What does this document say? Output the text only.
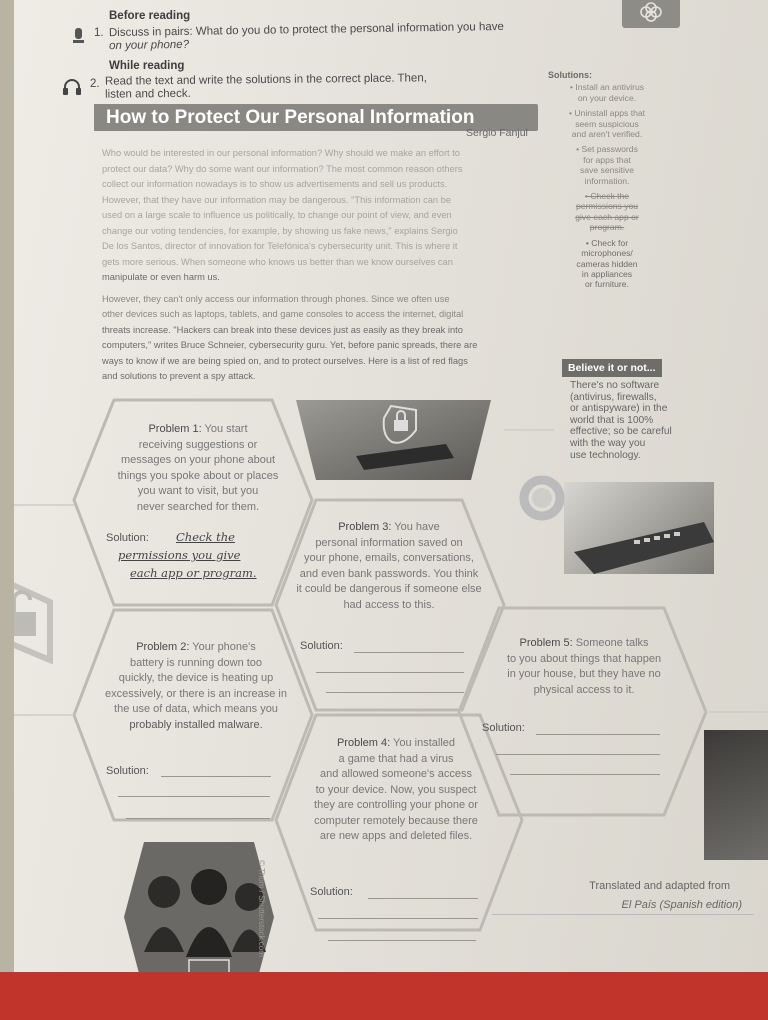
Before reading
1. Discuss in pairs: What do you do to protect the personal information you have
on your phone?
While reading
2. Read the text and write the solutions in the correct place. Then,
listen and check.
How to Protect Our Personal Information
Sergio Fanjul

Who would be interested in our personal information? Why should we make an effort to

protect our data? Why do some want our information? The most common reason others

collect our information nowadays is to show us advertisements and sell us products.

However, that they have our information may be dangerous. "This information can be

used on a large scale to influence us politically, to change our point of view, and even

change our voting tendencies, for example, by showing us fake news," explains Sergio

De los Santos, director of innovation for Telefónica's cybersecurity unit. This is where it

gets more serious. When someone who knows us better than we know ourselves can

manipulate or even harm us.

However, they can't only access our information through phones. Since we often use

other devices such as laptops, tablets, and game consoles to access the internet, digital

threats increase. "Hackers can break into these devices just as easily as they break into

computers," writes Bruce Schneier, cybersecurity guru. Yet, before panic spreads, there are

ways to know if we are being spied on, and to protect ourselves. Here is a list of red flags

and solutions to prevent a spy attack.

Solutions:
• Install an antivirus
on your device.
• Uninstall apps that
seem suspicious
and aren't verified.
• Set passwords
for apps that
save sensitive
information.
• Check the
permissions you
give each app or
program.
• Check for
microphones/
cameras hidden
in appliances
or furniture.
Believe it or not...
There's no software
(antivirus, firewalls,
or antispyware) in the
world that is 100%
effective; so be careful
with the way you
use technology.
© Thom / Shutterstock.com
Problem 1: You start
receiving suggestions or
messages on your phone about
things you spoke about or places
you want to visit, but you
never searched for them.
Solution: Check the
permissions you give
each app or program.
Problem 3: You have
personal information saved on
your phone, emails, conversations,
and even bank passwords. You think
it could be dangerous if someone else
had access to this.
Solution:
Problem 2: Your phone's
battery is running down too
quickly, the device is heating up
excessively, or there is an increase in
the use of data, which means you
probably installed malware.
Solution:
Problem 5: Someone talks
to you about things that happen
in your house, but they have no
physical access to it.
Solution:
Problem 4: You installed
a game that had a virus
and allowed someone's access
to your device. Now, you suspect
they are controlling your phone or
computer remotely because there
are new apps and deleted files.
Solution:	Translated and adapted from
El País (Spanish edition)
